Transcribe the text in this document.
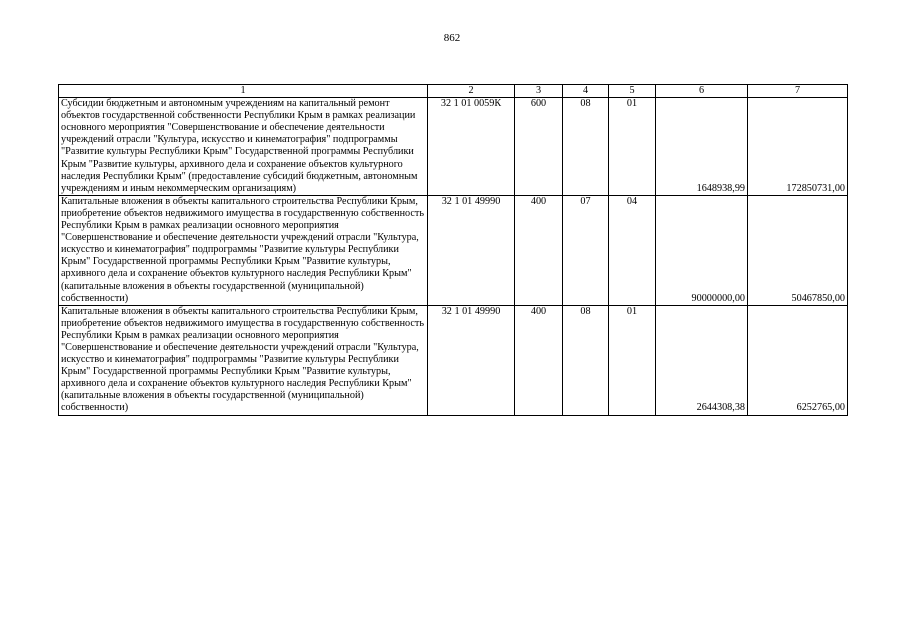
862
1	2	3	4	5	6	7
Субсидии бюджетным и автономным учреждениям на капитальный ремонт объектов государственной собственности Республики Крым в рамках реализации основного мероприятия "Совершенствование и обеспечение деятельности учреждений отрасли "Культура, искусство и кинематография" подпрограммы "Развитие культуры Республики Крым" Государственной программы Республики Крым "Развитие культуры, архивного дела и сохранение объектов культурного наследия Республики Крым" (предоставление субсидий бюджетным, автономным учреждениям и иным некоммерческим организациям)	32 1 01 0059К	600	08	01	1648938,99	172850731,00
Капитальные вложения в объекты капитального строительства Республики Крым, приобретение объектов недвижимого имущества в государственную собственность Республики Крым в рамках реализации основного мероприятия "Совершенствование и обеспечение деятельности учреждений отрасли "Культура, искусство и кинематография" подпрограммы "Развитие культуры Республики Крым" Государственной программы Республики Крым "Развитие культуры, архивного дела и сохранение объектов культурного наследия Республики Крым" (капитальные вложения в объекты государственной (муниципальной) собственности)	32 1 01 49990	400	07	04	90000000,00	50467850,00
Капитальные вложения в объекты капитального строительства Республики Крым, приобретение объектов недвижимого имущества в государственную собственность Республики Крым в рамках реализации основного мероприятия "Совершенствование и обеспечение деятельности учреждений отрасли "Культура, искусство и кинематография" подпрограммы "Развитие культуры Республики Крым" Государственной программы Республики Крым "Развитие культуры, архивного дела и сохранение объектов культурного наследия Республики Крым" (капитальные вложения в объекты государственной (муниципальной) собственности)	32 1 01 49990	400	08	01	2644308,38	6252765,00
